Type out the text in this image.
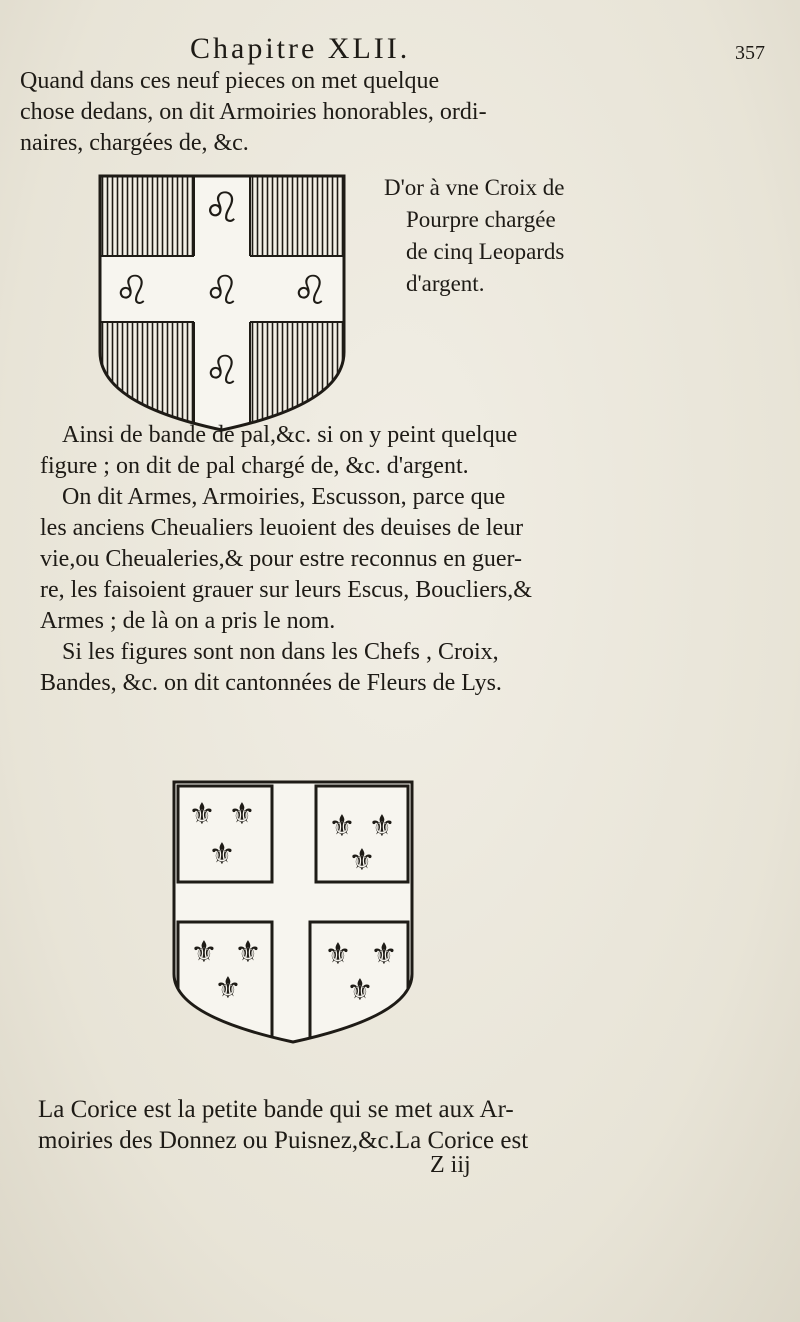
Chapitre XLII.	357

Quand dans ces neuf pieces on met quelque
chose dedans, on dit Armoiries honorables, ordi-
naires, chargées de, &c.

♌
♌ ♌ ♌
♌

D'or à vne Croix de
Pourpre chargée
de cinq Leopards
d'argent.

Ainsi de bande de pal,&c. si on y peint quelque
figure ; on dit de pal chargé de, &c. d'argent.
On dit Armes, Armoiries, Escusson, parce que
les anciens Cheualiers leuoient des deuises de leur
vie,ou Cheualeries,& pour estre reconnus en guer-
re, les faisoient grauer sur leurs Escus, Boucliers,&
Armes ; de là on a pris le nom.
Si les figures sont non dans les Chefs , Croix,
Bandes, &c. on dit cantonnées de Fleurs de Lys.
⚜ ⚜
⚜
⚜ ⚜
⚜
⚜ ⚜
⚜
⚜ ⚜
⚜

La Corice est la petite bande qui se met aux Ar-
moiries des Donnez ou Puisnez,&c.La Corice est

Z iij
